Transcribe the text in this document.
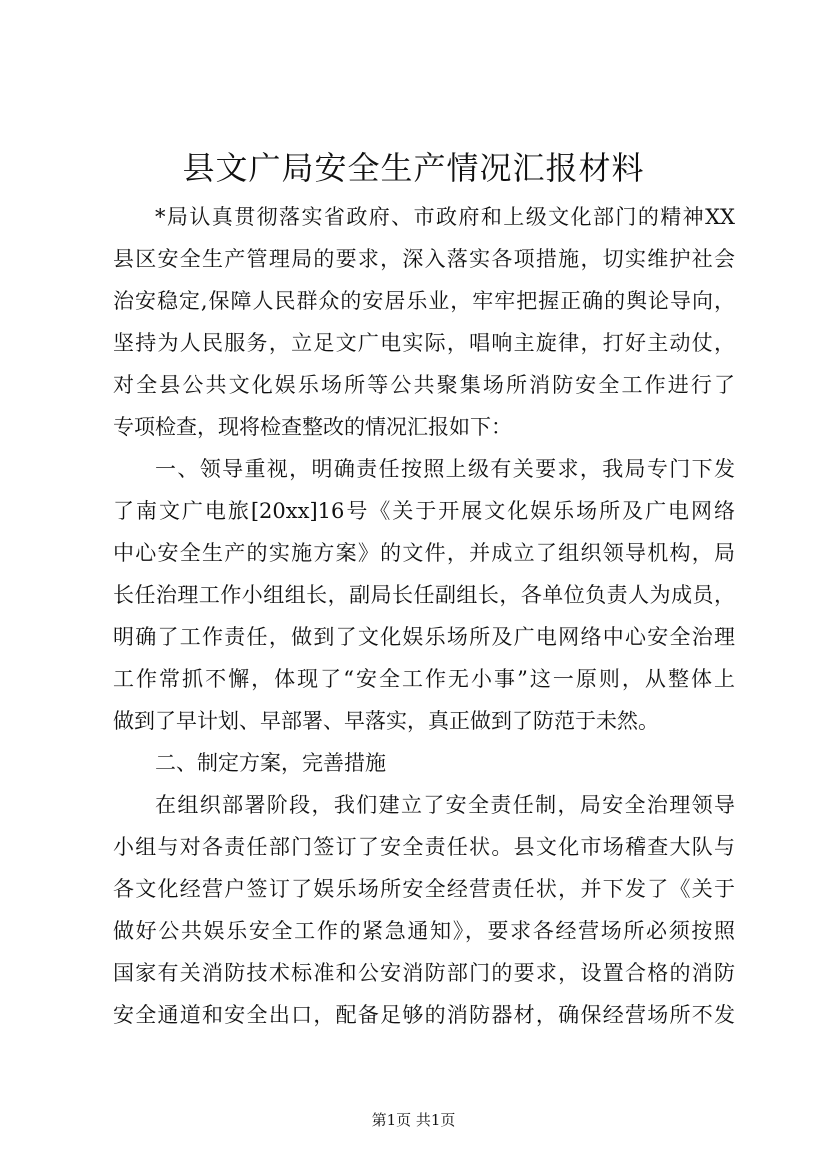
县文广局安全生产情况汇报材料
*局认真贯彻落实省政府、市政府和上级文化部门的精神XX
县区安全生产管理局的要求，深入落实各项措施，切实维护社会
治安稳定,保障人民群众的安居乐业，牢牢把握正确的舆论导向，
坚持为人民服务，立足文广电实际，唱响主旋律，打好主动仗，
对全县公共文化娱乐场所等公共聚集场所消防安全工作进行了
专项检查，现将检查整改的情况汇报如下：
一、领导重视，明确责任按照上级有关要求，我局专门下发
了南文广电旅[20xx]16号《关于开展文化娱乐场所及广电网络
中心安全生产的实施方案》的文件，并成立了组织领导机构，局
长任治理工作小组组长，副局长任副组长，各单位负责人为成员，
明确了工作责任，做到了文化娱乐场所及广电网络中心安全治理
工作常抓不懈，体现了“安全工作无小事”这一原则，从整体上
做到了早计划、早部署、早落实，真正做到了防范于未然。
二、制定方案，完善措施
在组织部署阶段，我们建立了安全责任制，局安全治理领导
小组与对各责任部门签订了安全责任状。县文化市场稽查大队与
各文化经营户签订了娱乐场所安全经营责任状，并下发了《关于
做好公共娱乐安全工作的紧急通知》，要求各经营场所必须按照
国家有关消防技术标准和公安消防部门的要求，设置合格的消防
安全通道和安全出口，配备足够的消防器材，确保经营场所不发
第1页 共1页
